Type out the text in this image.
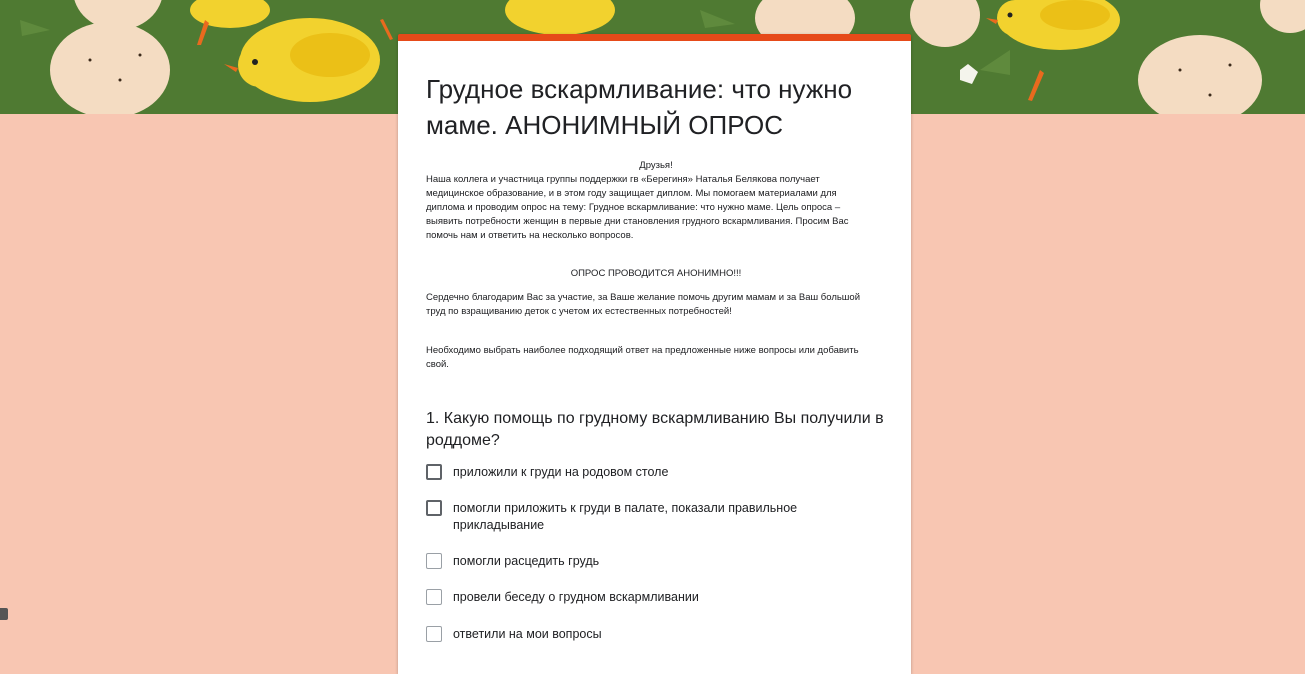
Грудное вскармливание: что нужно маме. АНОНИМНЫЙ ОПРОС
Друзья!
Наша коллега и участница группы поддержки гв «Берегиня» Наталья Белякова получает медицинское образование, и в этом году защищает диплом. Мы помогаем материалами для диплома и проводим опрос на тему: Грудное вскармливание: что нужно маме. Цель опроса – выявить потребности женщин в первые дни становления грудного вскармливания. Просим Вас помочь нам и ответить на несколько вопросов.
ОПРОС ПРОВОДИТСЯ АНОНИМНО!!!
Сердечно благодарим Вас за участие, за Ваше желание помочь другим мамам и за Ваш большой труд по взращиванию деток с учетом их естественных потребностей!
Необходимо выбрать наиболее подходящий ответ на предложенные ниже вопросы или добавить свой.
1. Какую помощь по грудному вскармливанию Вы получили в роддоме?
приложили к груди на родовом столе
помогли приложить к груди в палате, показали правильное прикладывание
помогли расцедить грудь
провели беседу о грудном вскармливании
ответили на мои вопросы
